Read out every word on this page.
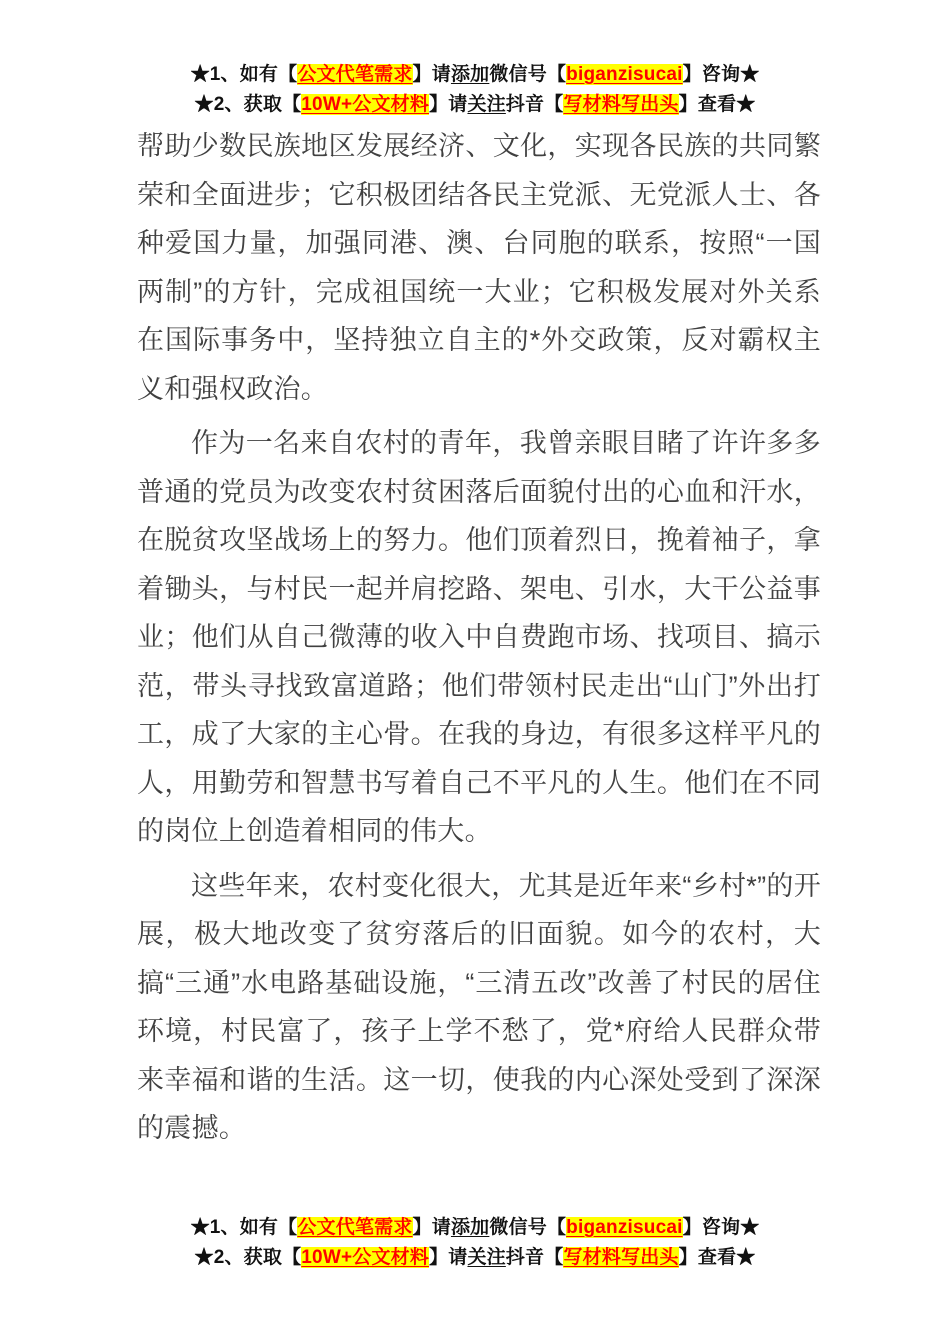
★1、如有【公文代笔需求】请添加微信号【biganzisucai】咨询★
★2、获取【10W+公文材料】请关注抖音【写材料写出头】查看★

帮助少数民族地区发展经济、文化，实现各民族的共同繁荣和全面进步；它积极团结各民主党派、无党派人士、各种爱国力量，加强同港、澳、台同胞的联系，按照“一国两制”的方针，完成祖国统一大业；它积极发展对外关系在国际事务中，坚持独立自主的*外交政策，反对霸权主义和强权政治。

作为一名来自农村的青年，我曾亲眼目睹了许许多多普通的党员为改变农村贫困落后面貌付出的心血和汗水，在脱贫攻坚战场上的努力。他们顶着烈日，挽着袖子，拿着锄头，与村民一起并肩挖路、架电、引水，大干公益事业；他们从自己微薄的收入中自费跑市场、找项目、搞示范，带头寻找致富道路；他们带领村民走出“山门”外出打工，成了大家的主心骨。在我的身边，有很多这样平凡的人，用勤劳和智慧书写着自己不平凡的人生。他们在不同的岗位上创造着相同的伟大。

这些年来，农村变化很大，尤其是近年来“乡村*”的开展，极大地改变了贫穷落后的旧面貌。如今的农村，大搞“三通”水电路基础设施，“三清五改”改善了村民的居住环境，村民富了，孩子上学不愁了，党*府给人民群众带来幸福和谐的生活。这一切，使我的内心深处受到了深深的震撼。

★1、如有【公文代笔需求】请添加微信号【biganzisucai】咨询★
★2、获取【10W+公文材料】请关注抖音【写材料写出头】查看★
